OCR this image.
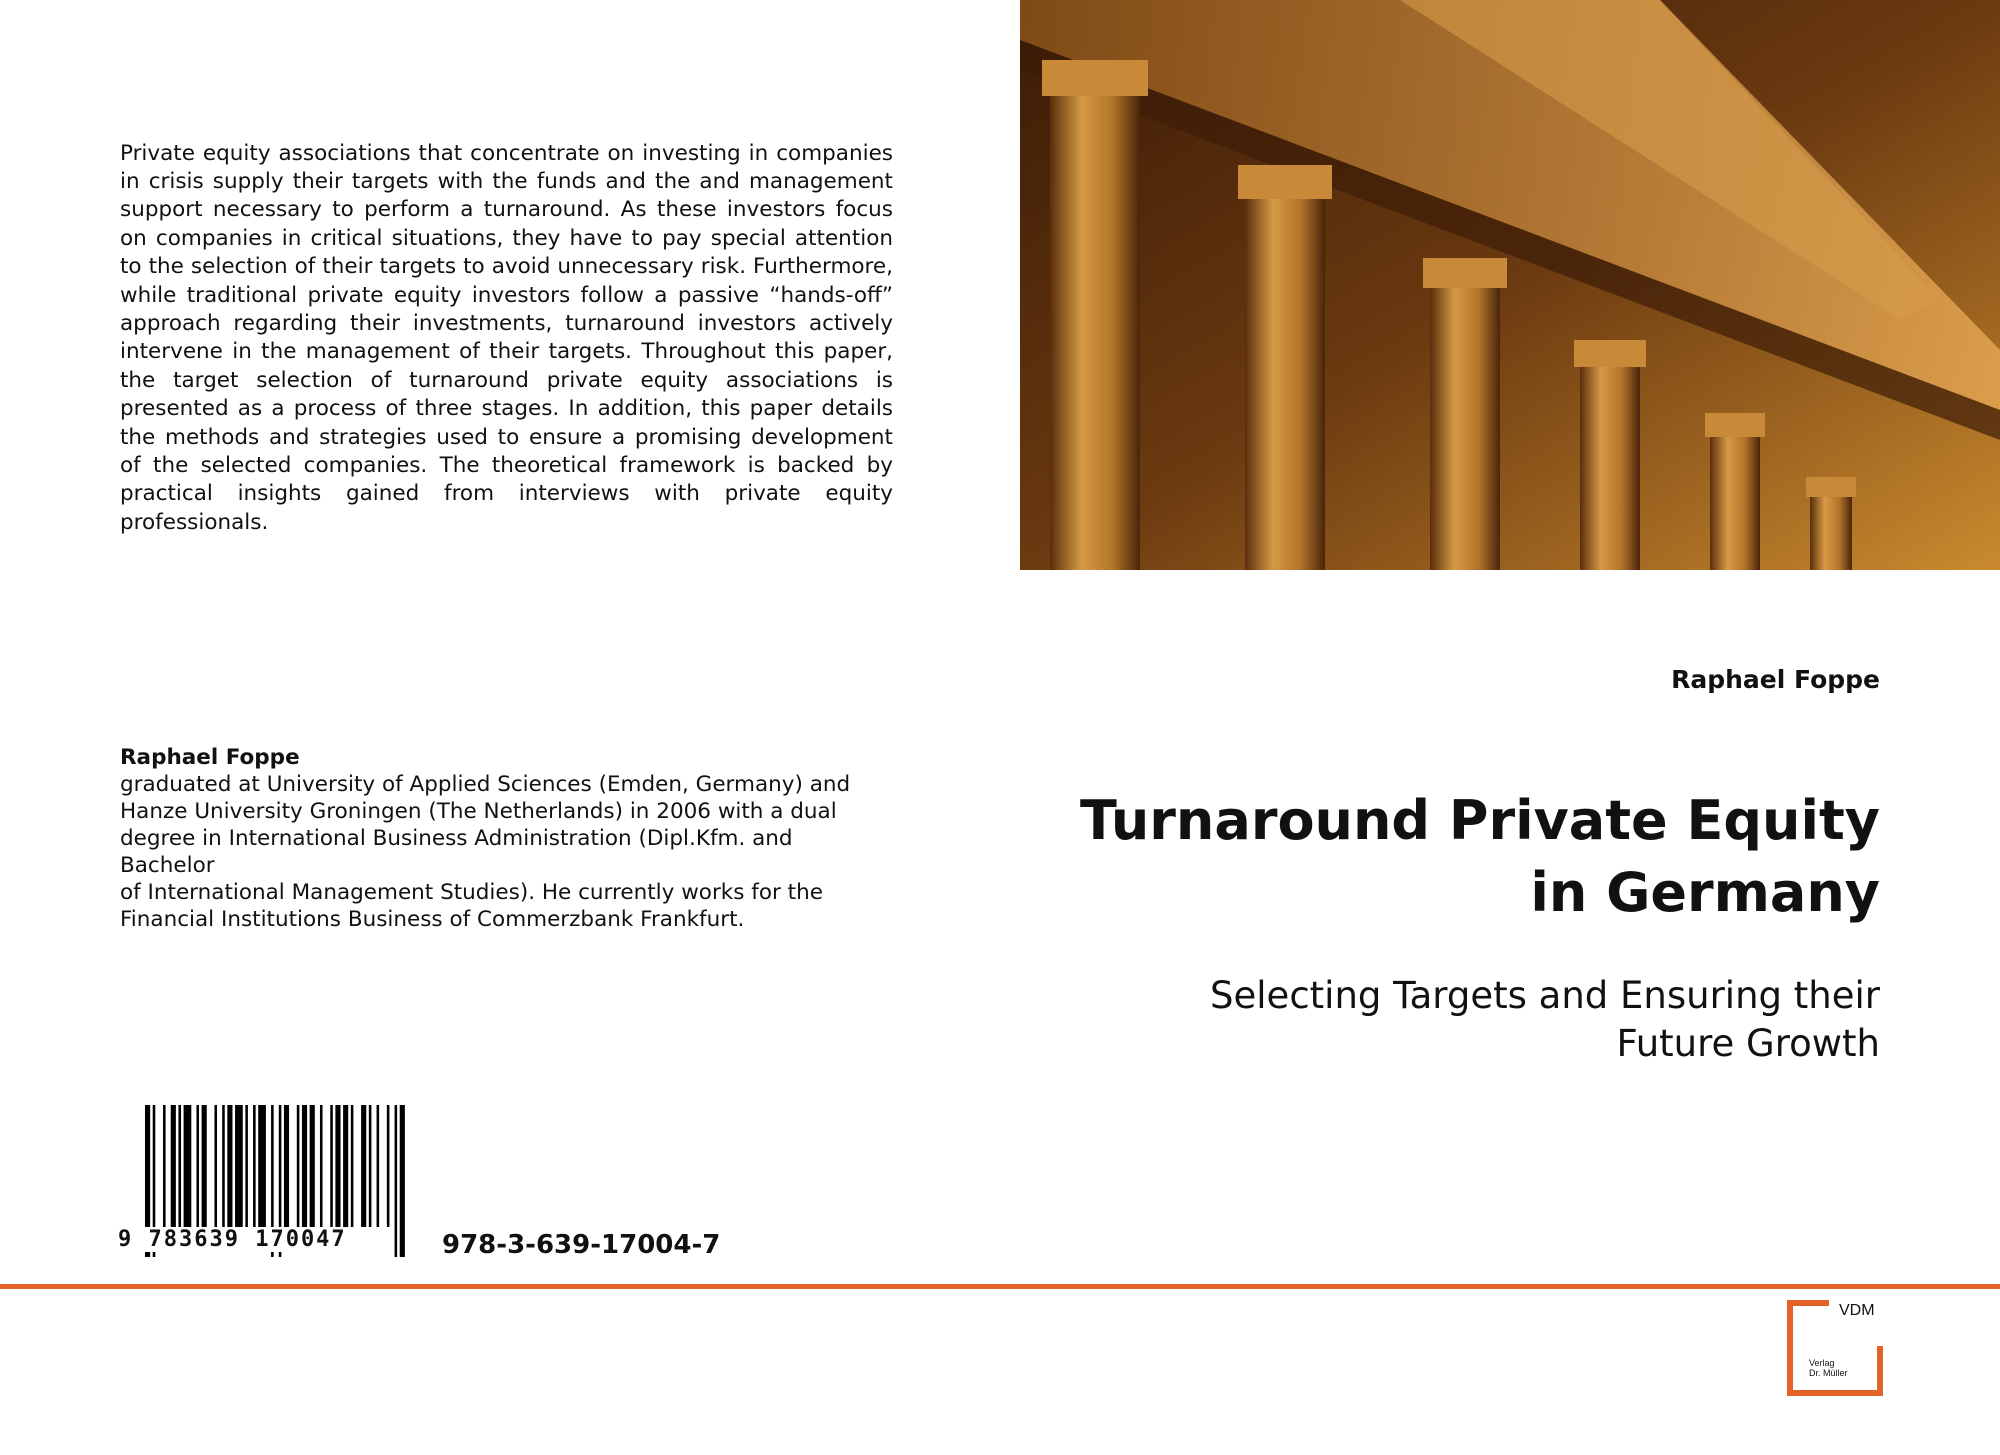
Private equity associations that concentrate on investing in companies in crisis supply their targets with the funds and the and management support necessary to perform a turnaround. As these investors focus on companies in critical situations, they have to pay special attention to the selection of their targets to avoid unnecessary risk. Furthermore, while traditional private equity investors follow a passive “hands-off” approach regarding their investments, turnaround investors actively intervene in the management of their targets. Throughout this paper, the target selection of turnaround private equity associations is presented as a process of three stages. In addition, this paper details the methods and strategies used to ensure a promising development of the selected companies. The theoretical framework is backed by practical insights gained from interviews with private equity professionals.

Raphael Foppe
graduated at University of Applied Sciences (Emden, Germany) and
Hanze University Groningen (The Netherlands) in 2006 with a dual
degree in International Business Administration (Dipl.Kfm. and Bachelor
of International Management Studies). He currently works for the
Financial Institutions Business of Commerzbank Frankfurt.
9 783639 170047	978-3-639-17004-7
Raphael Foppe
Turnaround Private Equity
in Germany
Selecting Targets and Ensuring their
Future Growth
VDM
Verlag
Dr. Müller
